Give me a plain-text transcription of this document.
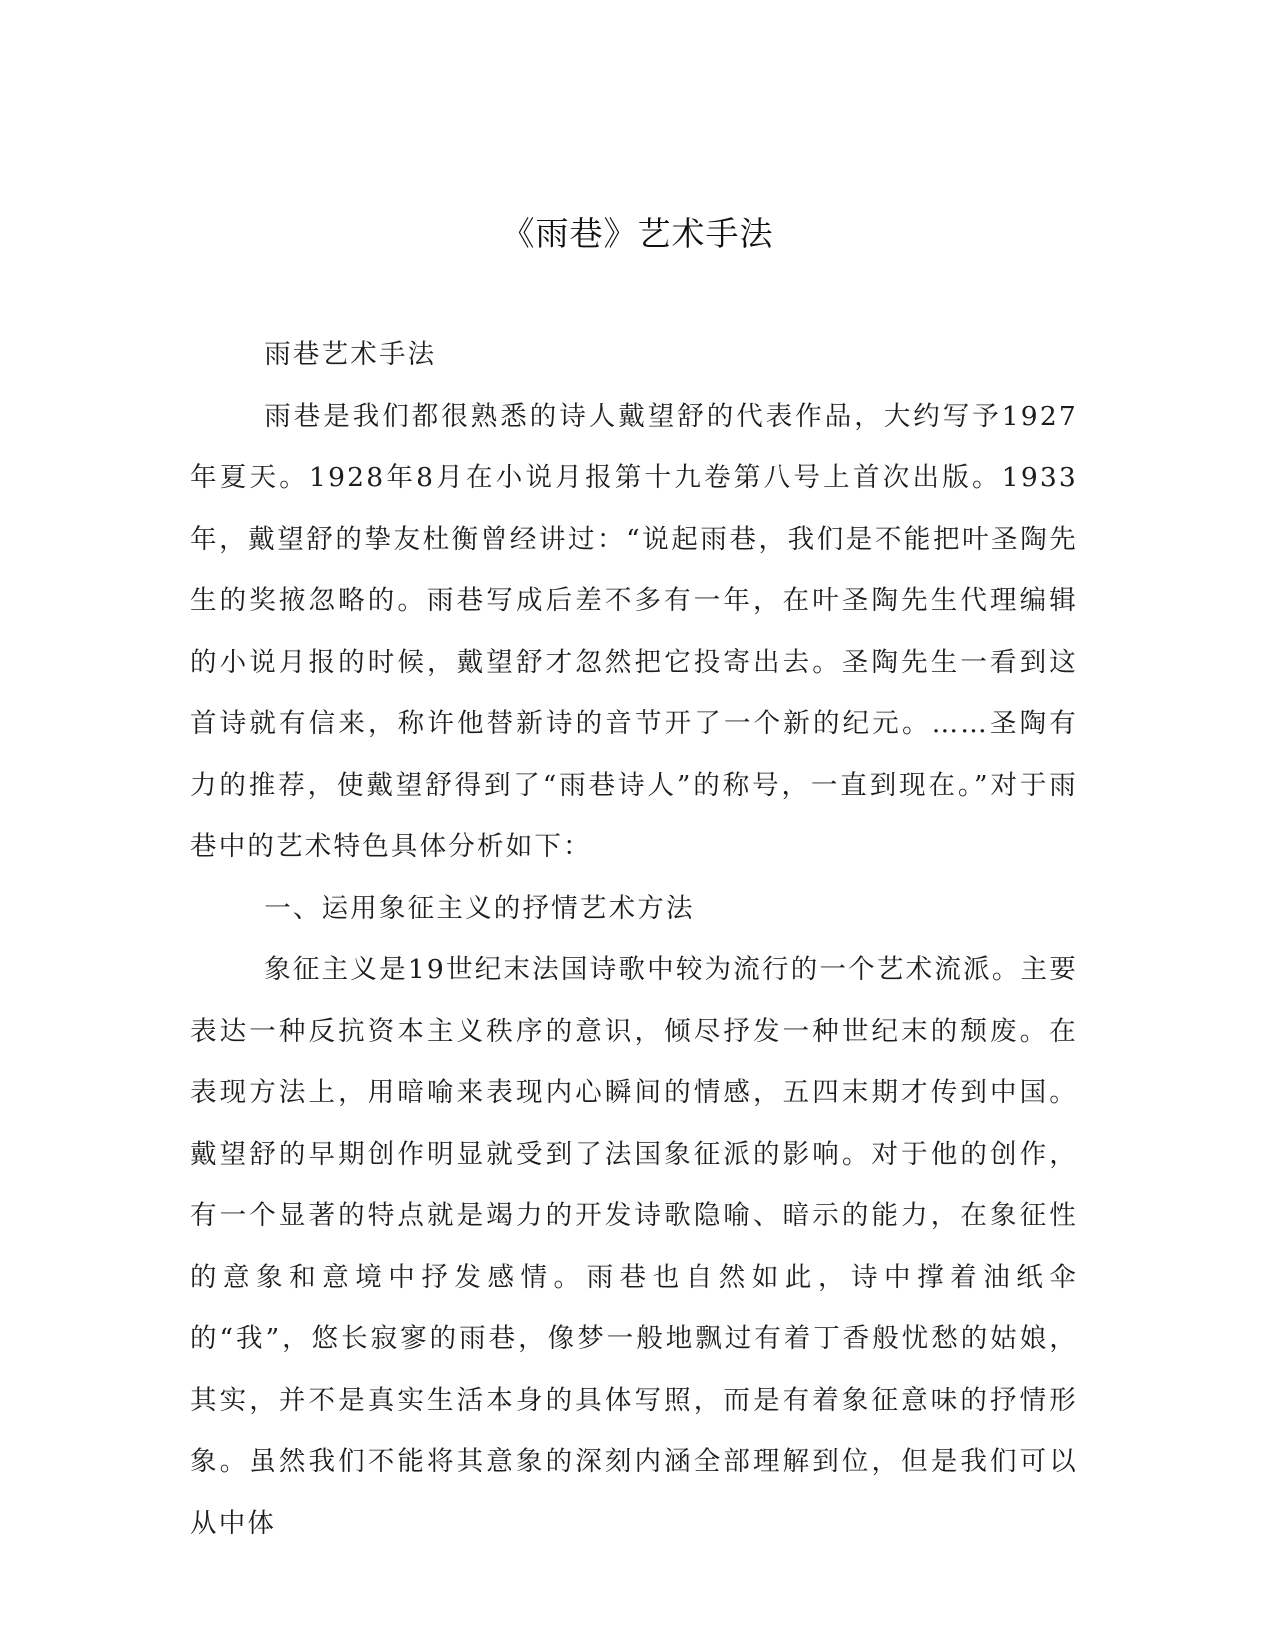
《雨巷》艺术手法

雨巷艺术手法

雨巷是我们都很熟悉的诗人戴望舒的代表作品，大约写予1927年夏天。1928年8月在小说月报第十九卷第八号上首次出版。1933年，戴望舒的挚友杜衡曾经讲过：“说起雨巷，我们是不能把叶圣陶先生的奖掖忽略的。雨巷写成后差不多有一年，在叶圣陶先生代理编辑的小说月报的时候，戴望舒才忽然把它投寄出去。圣陶先生一看到这首诗就有信来，称许他替新诗的音节开了一个新的纪元。……圣陶有力的推荐，使戴望舒得到了“雨巷诗人”的称号，一直到现在。”对于雨巷中的艺术特色具体分析如下：

一、运用象征主义的抒情艺术方法

象征主义是19世纪末法国诗歌中较为流行的一个艺术流派。主要表达一种反抗资本主义秩序的意识，倾尽抒发一种世纪末的颓废。在表现方法上，用暗喻来表现内心瞬间的情感，五四末期才传到中国。戴望舒的早期创作明显就受到了法国象征派的影响。对于他的创作，有一个显著的特点就是竭力的开发诗歌隐喻、暗示的能力，在象征性的意象和意境中抒发感情。雨巷也自然如此，诗中撑着油纸伞的“我”，悠长寂寥的雨巷，像梦一般地飘过有着丁香般忧愁的姑娘，其实，并不是真实生活本身的具体写照，而是有着象征意味的抒情形象。虽然我们不能将其意象的深刻内涵全部理解到位，但是我们可以从中体
